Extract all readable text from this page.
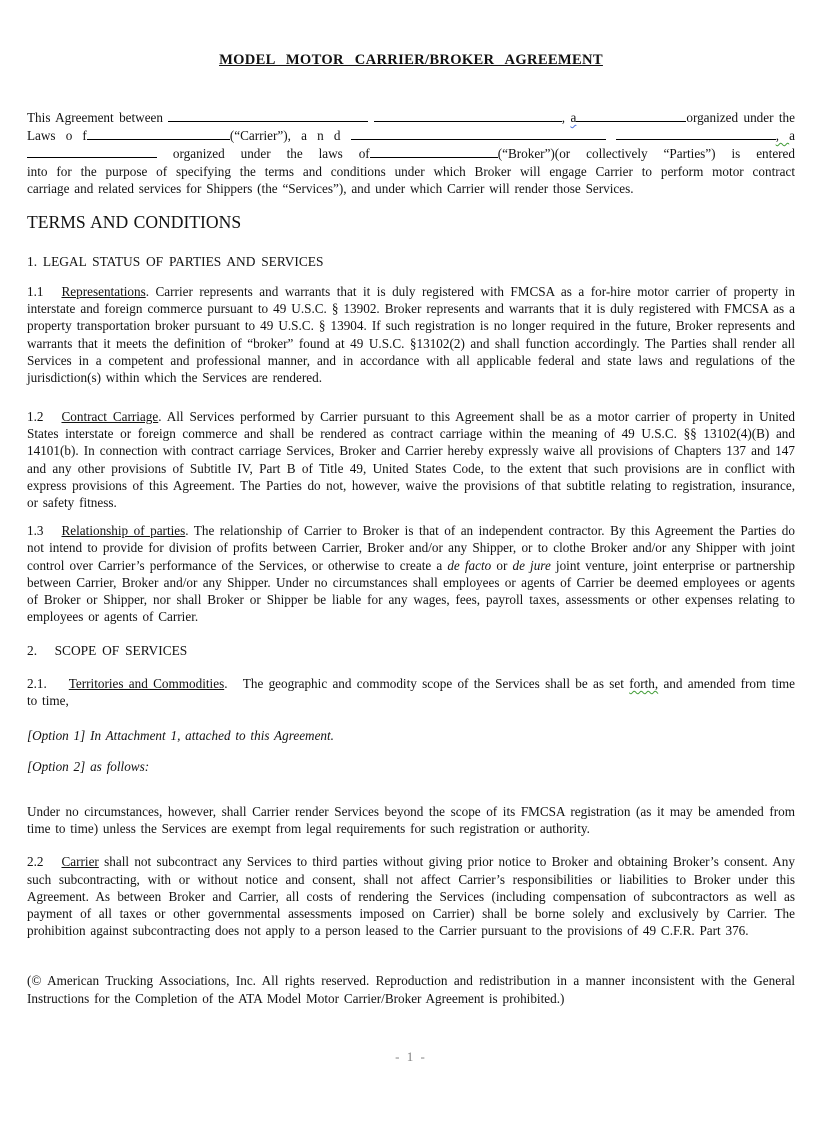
MODEL MOTOR CARRIER/BROKER AGREEMENT
This Agreement between	, a	organized under the
Laws o f	(“Carrier”), a n d	, a
organized under the laws of	(“Broker”)(or collectively “Parties”) is entered
into for the purpose of specifying the terms and conditions under which Broker will engage Carrier to perform motor contract
carriage and related services for Shippers (the “Services”), and under which Carrier will render those Services.
TERMS AND CONDITIONS
1. LEGAL STATUS OF PARTIES AND SERVICES
1.1 Representations. Carrier represents and warrants that it is duly registered with FMCSA as a for-hire motor carrier of property in interstate and foreign commerce pursuant to 49 U.S.C. § 13902. Broker represents and warrants that it is duly registered with FMCSA as a property transportation broker pursuant to 49 U.S.C. § 13904. If such registration is no longer required in the future, Broker represents and warrants that it meets the definition of “broker” found at 49 U.S.C. §13102(2) and shall function accordingly. The Parties shall render all Services in a competent and professional manner, and in accordance with all applicable federal and state laws and regulations of the jurisdiction(s) within which the Services are rendered.
1.2 Contract Carriage. All Services performed by Carrier pursuant to this Agreement shall be as a motor carrier of property in United States interstate or foreign commerce and shall be rendered as contract carriage within the meaning of 49 U.S.C. §§ 13102(4)(B) and 14101(b). In connection with contract carriage Services, Broker and Carrier hereby expressly waive all provisions of Chapters 137 and 147 and any other provisions of Subtitle IV, Part B of Title 49, United States Code, to the extent that such provisions are in conflict with express provisions of this Agreement. The Parties do not, however, waive the provisions of that subtitle relating to registration, insurance, or safety fitness.
1.3 Relationship of parties. The relationship of Carrier to Broker is that of an independent contractor. By this Agreement the Parties do not intend to provide for division of profits between Carrier, Broker and/or any Shipper, or to clothe Broker and/or any Shipper with joint control over Carrier’s performance of the Services, or otherwise to create a de facto or de jure joint venture, joint enterprise or partnership between Carrier, Broker and/or any Shipper. Under no circumstances shall employees or agents of Carrier be deemed employees or agents of Broker or Shipper, nor shall Broker or Shipper be liable for any wages, fees, payroll taxes, assessments or other expenses relating to employees or agents of Carrier.
2.   SCOPE OF SERVICES
2.1. Territories and Commodities. The geographic and commodity scope of the Services shall be as set forth, and amended from time to time,
[Option 1] In Attachment 1, attached to this Agreement.
[Option 2] as follows:
Under no circumstances, however, shall Carrier render Services beyond the scope of its FMCSA registration (as it may be amended from time to time) unless the Services are exempt from legal requirements for such registration or authority.
2.2 Carrier shall not subcontract any Services to third parties without giving prior notice to Broker and obtaining Broker’s consent. Any such subcontracting, with or without notice and consent, shall not affect Carrier’s responsibilities or liabilities to Broker under this Agreement. As between Broker and Carrier, all costs of rendering the Services (including compensation of subcontractors as well as payment of all taxes or other governmental assessments imposed on Carrier) shall be borne solely and exclusively by Carrier. The prohibition against subcontracting does not apply to a person leased to the Carrier pursuant to the provisions of 49 C.F.R. Part 376.
(© American Trucking Associations, Inc. All rights reserved. Reproduction and redistribution in a manner inconsistent with the General Instructions for the Completion of the ATA Model Motor Carrier/Broker Agreement is prohibited.)
- 1 -
